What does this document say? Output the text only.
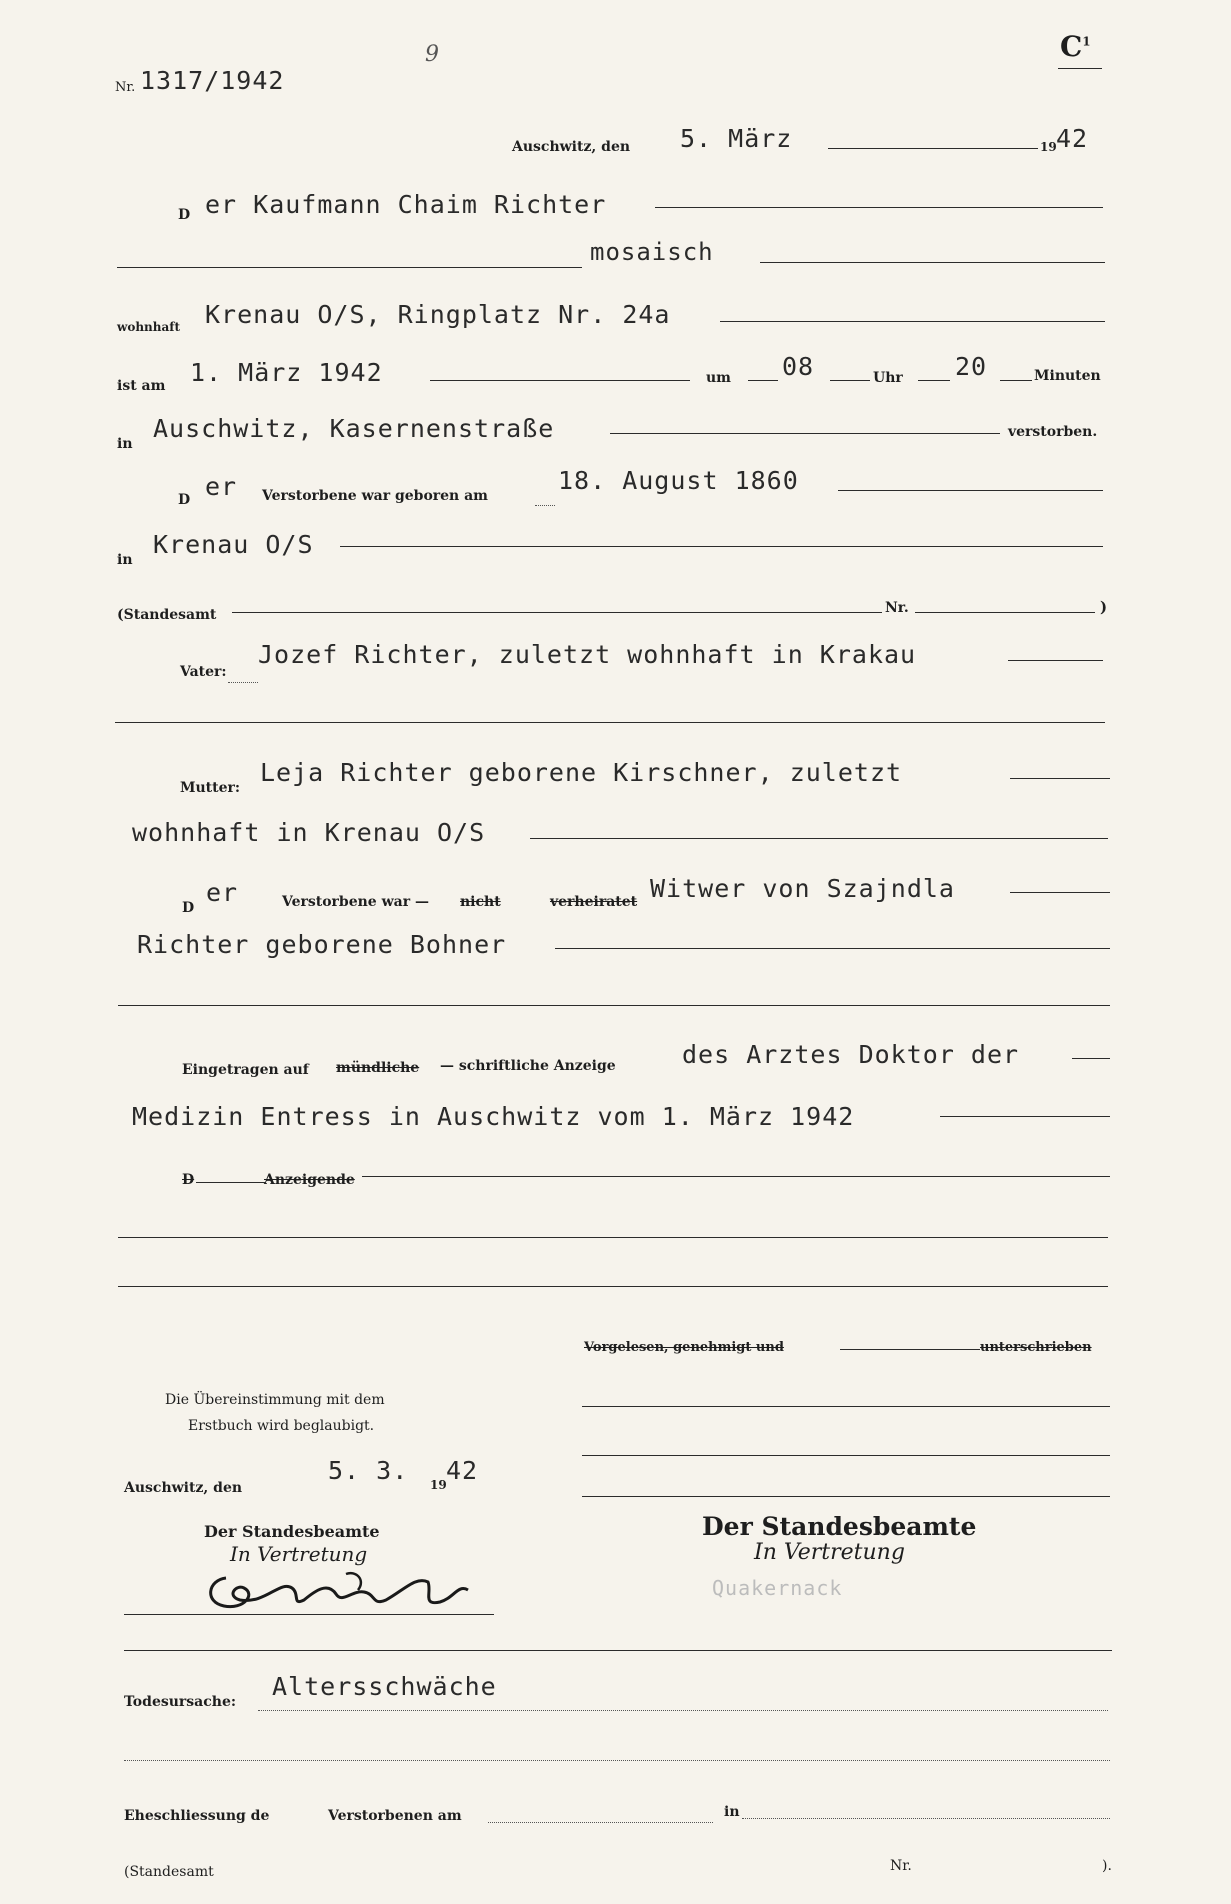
Nr. 1317/1942
9	$C^1$
Auschwitz, den 5. März	19 42
D er Kaufmann Chaim Richter
mosaisch
wohnhaft Krenau O/S, Ringplatz Nr. 24a
ist am 1. März 1942	um 08	Uhr 20	Minuten
in
Auschwitz, Kasernenstraße	verstorben.
D er Verstorbene war geboren am
18. August 1860
in
Krenau O/S
(Standesamt	Nr.	)
Vater:
Jozef Richter, zuletzt wohnhaft in Krakau
Mutter:
Leja Richter geborene Kirschner, zuletzt
wohnhaft in Krenau O/S
D
er	Verstorbene war — nicht	verheiratet Witwer von Szajndla
Richter geborene Bohner
Eingetragen auf mündliche — schriftliche Anzeige	des Arztes Doktor der
Medizin Entress in Auschwitz vom 1. März 1942
D	Anzeigende
Vorgelesen, genehmigt und	unterschrieben
Die Übereinstimmung mit dem
Erstbuch wird beglaubigt.
Auschwitz, den
5. 3. 19 42
Der Standesbeamte
In Vertretung
Der Standesbeamte
In Vertretung
Quakernack
Todesursache:
Altersschwäche
Eheschliessung de	Verstorbenen am	in
(Standesamt	Nr.	).
